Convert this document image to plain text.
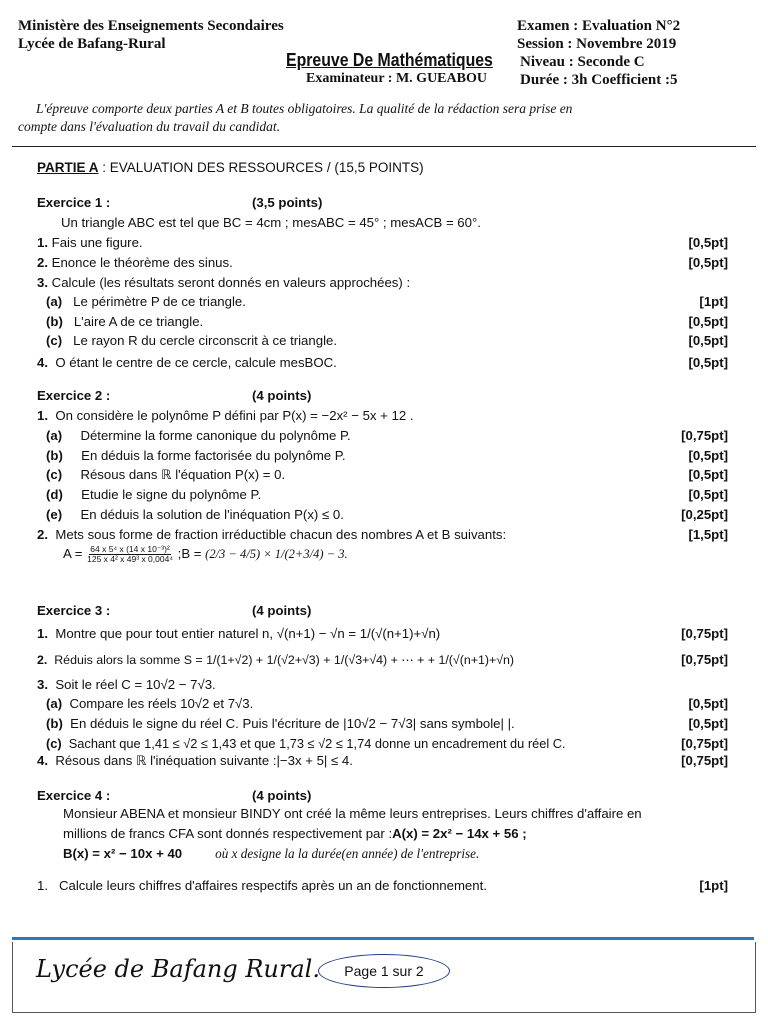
Ministère des Enseignements Secondaires
Lycée de Bafang-Rural
Epreuve De Mathématiques
Examinateur : M. GUEABOU
Examen : Evaluation N°2
Session : Novembre 2019
Niveau : Seconde C
Durée : 3h Coefficient :5
L'épreuve comporte deux parties A et B toutes obligatoires. La qualité de la rédaction sera prise en
compte dans l'évaluation du travail du candidat.
PARTIE A : EVALUATION DES RESSOURCES / (15,5 POINTS)
Exercice 1 :	(3,5 points)
Un triangle ABC est tel que BC = 4cm ; mesABC = 45° ; mesACB = 60°.
1. Fais une figure.	[0,5pt]
2. Enonce le théorème des sinus.	[0,5pt]
3. Calcule (les résultats seront donnés en valeurs approchées) :
(a) Le périmètre P de ce triangle.	[1pt]
(b) L'aire A de ce triangle.	[0,5pt]
(c) Le rayon R du cercle circonscrit à ce triangle.	[0,5pt]
4. O étant le centre de ce cercle, calcule mesBOC.	[0,5pt]
Exercice 2 :	(4 points)
1. On considère le polynôme P défini par P(x) = −2x² − 5x + 12 .
(a) Détermine la forme canonique du polynôme P.	[0,75pt]
(b) En déduis la forme factorisée du polynôme P.	[0,5pt]
(c) Résous dans ℝ l'équation P(x) = 0.	[0,5pt]
(d) Etudie le signe du polynôme P.	[0,5pt]
(e) En déduis la solution de l'inéquation P(x) ≤ 0.	[0,25pt]
2. Mets sous forme de fraction irréductible chacun des nombres A et B suivants:	[1,5pt]
$A = \frac{\text{64 x 5⁴ x (14 x 10⁻³)²}}{\text{125 x 4² x 49³ x 0,004⁴}}$ ;B = (2/3 − 4/5) × 1/(2+3/4) − 3.
Exercice 3 :	(4 points)
1. Montre que pour tout entier naturel n, √(n+1) − √n = 1/(√(n+1)+√n)	[0,75pt]
2. Réduis alors la somme S = 1/(1+√2) + 1/(√2+√3) + 1/(√3+√4) + ⋯ + + 1/(√(n+1)+√n)	[0,75pt]
3. Soit le réel C = 10√2 − 7√3.
(a) Compare les réels 10√2 et 7√3.	[0,5pt]
(b) En déduis le signe du réel C. Puis l'écriture de |10√2 − 7√3| sans symbole| |.	[0,5pt]
(c) Sachant que 1,41 ≤ √2 ≤ 1,43 et que 1,73 ≤ √2 ≤ 1,74 donne un encadrement du réel C.	[0,75pt]
4. Résous dans ℝ l'inéquation suivante :|−3x + 5| ≤ 4.	[0,75pt]
Exercice 4 :	(4 points)
Monsieur ABENA et monsieur BINDY ont créé la même leurs entreprises. Leurs chiffres d'affaire en
millions de francs CFA sont donnés respectivement par :A(x) = 2x² − 14x + 56 ;
B(x) = x² − 10x + 40 où x designe la la durée(en année) de l'entreprise.
1. Calcule leurs chiffres d'affaires respectifs après un an de fonctionnement.	[1pt]
Lycée de Bafang Rural.	Page 1 sur 2
